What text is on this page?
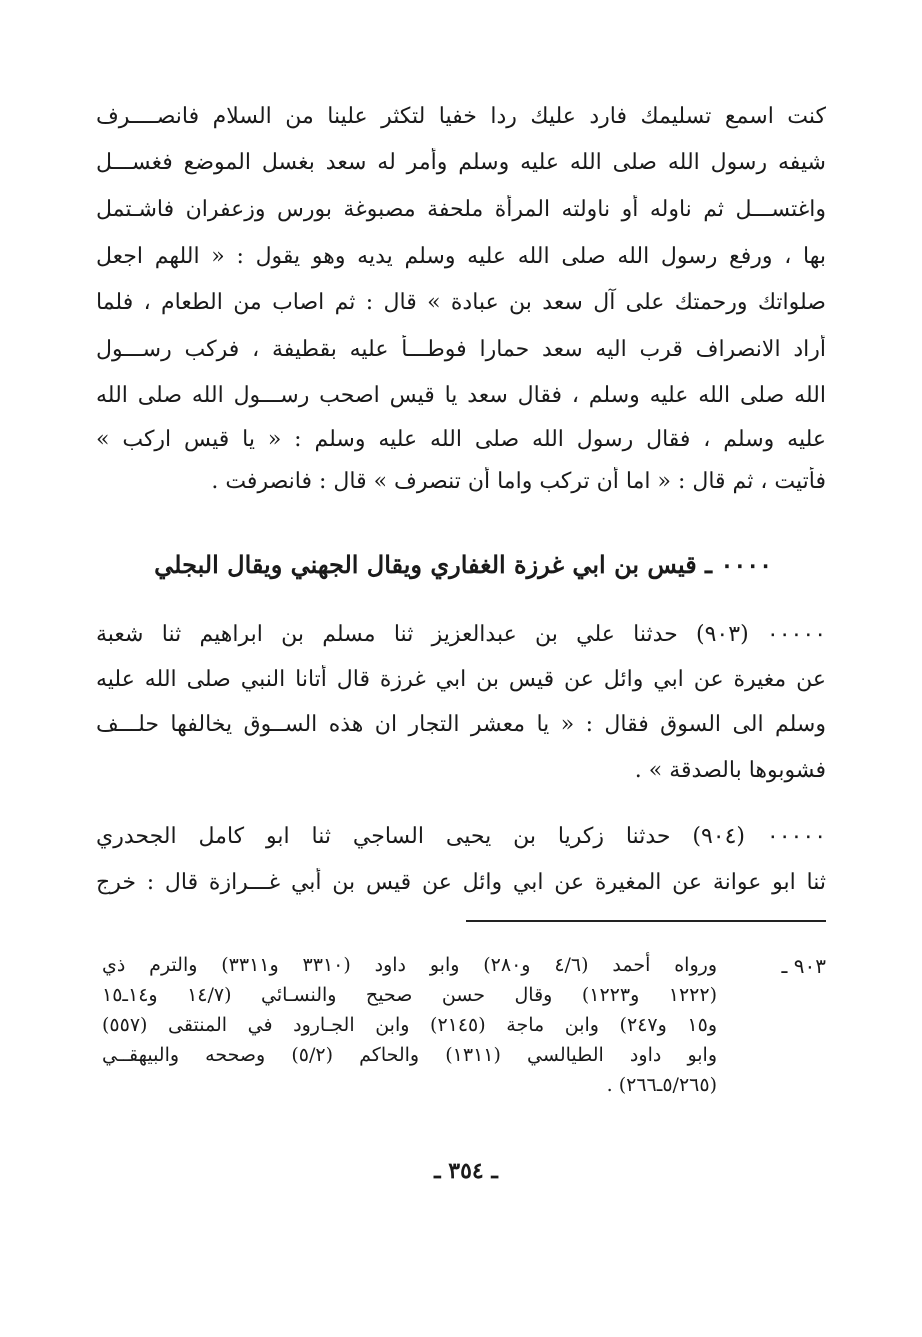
كنت اسمع تسليمك فارد عليك ردا خفيا لتكثر علينا من السلام فانصــــرف
شيفه رسول الله صلى الله عليه وسلم وأمر له سعد بغسل الموضع فغســـل
واغتســـل ثم ناوله أو ناولته المرأة ملحفة مصبوغة بورس وزعفران فاشـتمل
بها ، ورفع رسول الله صلى الله عليه وسلم يديه وهو يقول : « اللهم اجعل
صلواتك ورحمتك على آل سعد بن عبادة » قال : ثم اصاب من الطعام ، فلما
أراد الانصراف قرب اليه سعد حمارا فوطـــأ عليه بقطيفة ، فركب رســـول
الله صلى الله عليه وسلم ، فقال سعد يا قيس اصحب رســـول الله صلى الله
عليه وسلم ، فقال رسول الله صلى الله عليه وسلم : « يا قيس اركب »
فأتيت ، ثم قال : « اما أن تركب واما أن تنصرف » قال : فانصرفت .
٠٠٠٠ ـ قيس بن ابي غرزة الغفاري ويقال الجهني ويقال البجلي
٠٠٠٠٠ (٩٠٣) حدثنا علي بن عبدالعزيز ثنا مسلم بن ابراهيم ثنا شعبة
عن مغيرة عن ابي وائل عن قيس بن ابي غرزة قال أتانا النبي صلى الله عليه
وسلم الى السوق فقال : « يا معشر التجار ان هذه الســوق يخالفها حلـــف
فشوبوها بالصدقة » .
٠٠٠٠٠ (٩٠٤) حدثنا زكريا بن يحيى الساجي ثنا ابو كامل الجحدري
ثنا ابو عوانة عن المغيرة عن ابي وائل عن قيس بن أبي غـــرازة قال : خرج
٩٠٣ ـ
ورواه أحمد (٤/٦ و٢٨٠) وابو داود (٣٣١٠ و٣٣١١) والترم ذي
(١٢٢٢ و١٢٢٣) وقال حسن صحيح والنسـائي (١٤/٧ و١٤ـ١٥
و١٥ و٢٤٧) وابن ماجة (٢١٤٥) وابن الجـارود في المنتقى (٥٥٧)
وابو داود الطيالسي (١٣١١) والحاكم (٥/٢) وصححه والبيهقــي
(٥/٢٦٥ـ٢٦٦) .
ـ ٣٥٤ ـ
